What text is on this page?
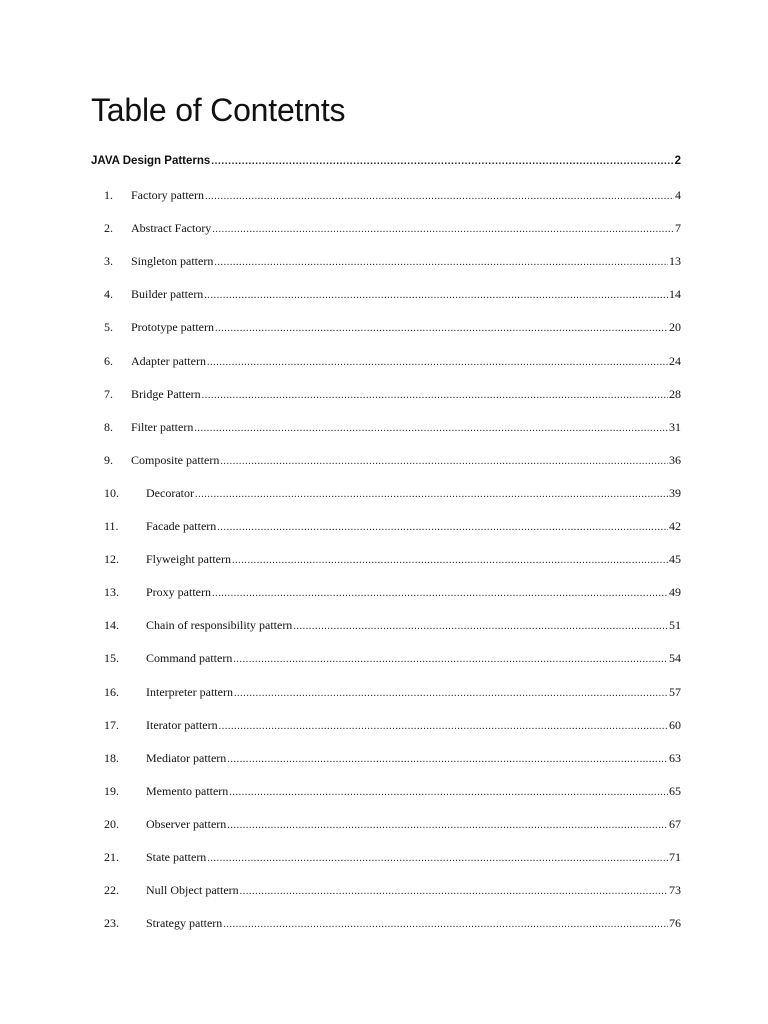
Table of Contetnts
JAVA Design Patterns .....	2
1.	Factory pattern .....	4
2.	Abstract Factory .....	7
3.	Singleton pattern .....	13
4.	Builder pattern .....	14
5.	Prototype pattern .....	20
6.	Adapter pattern .....	24
7.	Bridge Pattern .....	28
8.	Filter pattern .....	31
9.	Composite pattern .....	36
10.	Decorator .....	39
11.	Facade pattern .....	42
12.	Flyweight pattern .....	45
13.	Proxy pattern .....	49
14.	Chain of responsibility pattern .....	51
15.	Command pattern .....	54
16.	Interpreter pattern .....	57
17.	Iterator pattern .....	60
18.	Mediator pattern .....	63
19.	Memento pattern .....	65
20.	Observer pattern .....	67
21.	State pattern .....	71
22.	Null Object pattern .....	73
23.	Strategy pattern .....	76
